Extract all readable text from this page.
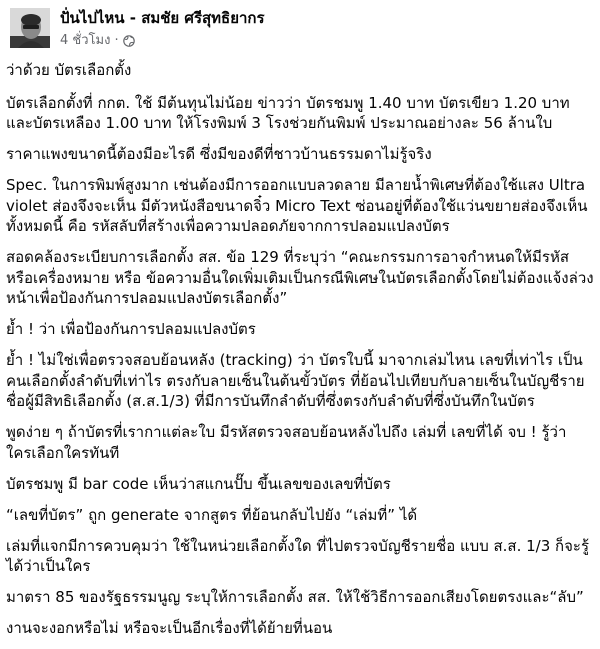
ปั่นไปไหน - สมชัย ศรีสุทธิยากร
4 ชั่วโมง ·

ว่าด้วย บัตรเลือกตั้ง

บัตรเลือกตั้งที่ กกต. ใช้ มีต้นทุนไม่น้อย ข่าวว่า บัตรชมพู 1.40 บาท บัตรเขียว 1.20 บาทและบัตรเหลือง 1.00 บาท ให้โรงพิมพ์ 3 โรงช่วยกันพิมพ์ ประมาณอย่างละ 56 ล้านใบ

ราคาแพงขนาดนี้ต้องมีอะไรดี ซึ่งมีของดีที่ชาวบ้านธรรมดาไม่รู้จริง

Spec. ในการพิมพ์สูงมาก เช่นต้องมีการออกแบบลวดลาย มีลายน้ำพิเศษที่ต้องใช้แสง Ultra violet ส่องจึงจะเห็น มีตัวหนังสือขนาดจิ๋ว Micro Text ซ่อนอยู่ที่ต้องใช้แว่นขยายส่องจึงเห็น ทั้งหมดนี้ คือ รหัสลับที่สร้างเพื่อความปลอดภัยจากการปลอมแปลงบัตร

สอดคล้องระเบียบการเลือกตั้ง สส. ข้อ 129 ที่ระบุว่า “คณะกรรมการอาจกำหนดให้มีรหัส หรือเครื่องหมาย หรือ ข้อความอื่นใดเพิ่มเติมเป็นกรณีพิเศษในบัตรเลือกตั้งโดยไม่ต้องแจ้งล่วงหน้าเพื่อป้องกันการปลอมแปลงบัตรเลือกตั้ง”

ย้ำ ! ว่า เพื่อป้องกันการปลอมแปลงบัตร

ย้ำ ! ไม่ใช่เพื่อตรวจสอบย้อนหลัง (tracking) ว่า บัตรใบนี้ มาจากเล่มไหน เลขที่เท่าไร เป็นคนเลือกตั้งลำดับที่เท่าไร ตรงกับลายเซ็นในต้นขั้วบัตร ที่ย้อนไปเทียบกับลายเซ็นในบัญชีรายชื่อผู้มีสิทธิเลือกตั้ง (ส.ส.1/3) ที่มีการบันทึกลำดับที่ซึ่งตรงกับลำดับที่ซึ่งบันทึกในบัตร

พูดง่าย ๆ ถ้าบัตรที่เรากาแต่ละใบ มีรหัสตรวจสอบย้อนหลังไปถึง เล่มที่ เลขที่ได้ จบ ! รู้ว่า ใครเลือกใครทันที

บัตรชมพู มี bar code เห็นว่าสแกนปั๊บ ขึ้นเลขของเลขที่บัตร

“เลขที่บัตร” ถูก generate จากสูตร ที่ย้อนกลับไปยัง “เล่มที่” ได้

เล่มที่แจกมีการควบคุมว่า ใช้ในหน่วยเลือกตั้งใด ที่ไปตรวจบัญชีรายชื่อ แบบ ส.ส. 1/3 ก็จะรู้ได้ว่าเป็นใคร

มาตรา 85 ของรัฐธรรมนูญ ระบุให้การเลือกตั้ง สส. ให้ใช้วิธีการออกเสียงโดยตรงและ“ลับ”

งานจะงอกหรือไม่ หรือจะเป็นอีกเรื่องที่ได้ย้ายที่นอน
